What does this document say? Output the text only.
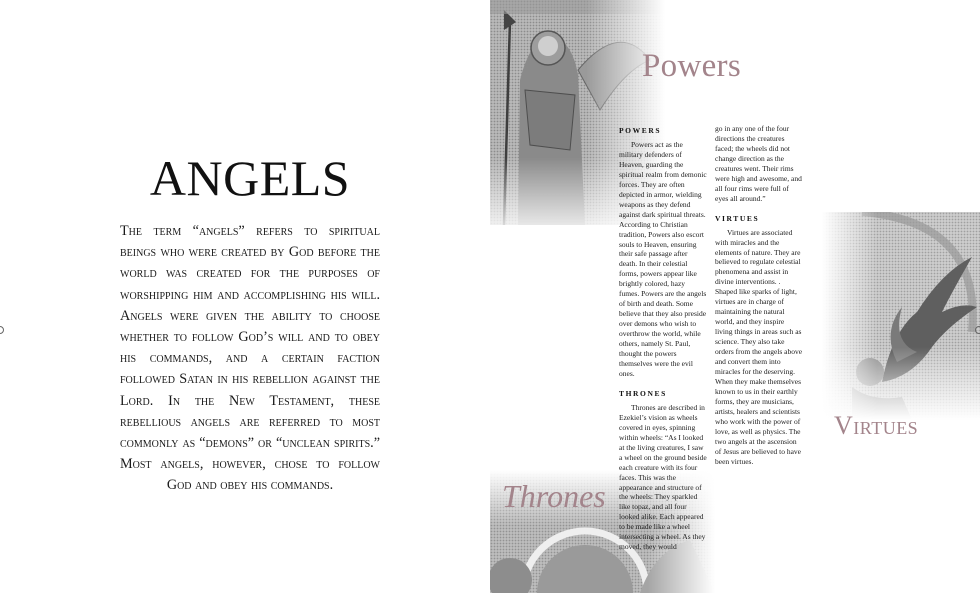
ANGELS

The term “angels” refers to spiritual beings who were created by God before the world was created for the purposes of worshipping him and accomplishing his will. Angels were given the ability to choose whether to follow God’s will and to obey his commands, and a certain faction followed Satan in his rebellion against the Lord. In the New Testament, these rebellious angels are referred to most commonly as “demons” or “unclean spirits.” Most angels, however, chose to follow God and obey his commands.

Powers
Virtues
Thrones
POWERS

Powers act as the military defenders of Heaven, guarding the spiritual realm from demonic forces. They are often depicted in armor, wielding weapons as they defend against dark spiritual threats. According to Christian tradition, Powers also escort souls to Heaven, ensuring their safe passage after death. In their celestial forms, powers appear like brightly colored, hazy fumes. Powers are the angels of birth and death. Some believe that they also preside over demons who wish to overthrow the world, while others, namely St. Paul, thought the powers themselves were the evil ones.

THRONES

Thrones are described in Ezekiel’s vision as wheels covered in eyes, spinning within wheels: “As I looked at the living creatures, I saw a wheel on the ground beside each creature with its four faces. This was the appearance and structure of the wheels: They sparkled like topaz, and all four looked alike. Each appeared to be made like a wheel intersecting a wheel. As they moved, they would

go in any one of the four directions the creatures faced; the wheels did not change direction as the creatures went. Their rims were high and awesome, and all four rims were full of eyes all around.”

VIRTUES

Virtues are associated with miracles and the elements of nature. They are believed to regulate celestial phenomena and assist in divine interventions. . Shaped like sparks of light, virtues are in charge of maintaining the natural world, and they inspire living things in areas such as science. They also take orders from the angels above and convert them into miracles for the deserving. When they make themselves known to us in their earthly forms, they are musicians, artists, healers and scientists who work with the power of love, as well as physics. The two angels at the ascension of Jesus are believed to have been virtues.
